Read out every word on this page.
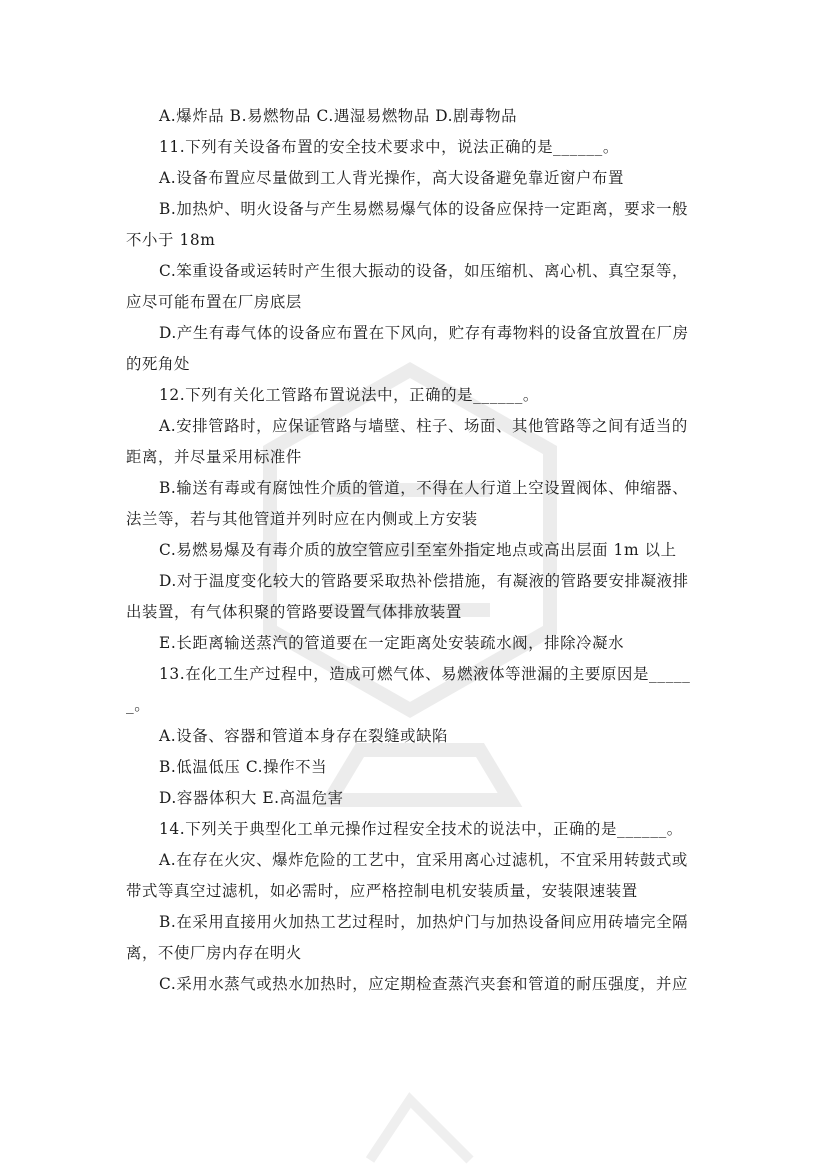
A.爆炸品 B.易燃物品 C.遇湿易燃物品 D.剧毒物品

11.下列有关设备布置的安全技术要求中，说法正确的是______。

A.设备布置应尽量做到工人背光操作，高大设备避免靠近窗户布置

B.加热炉、明火设备与产生易燃易爆气体的设备应保持一定距离，要求一般

不小于 18m

C.笨重设备或运转时产生很大振动的设备，如压缩机、离心机、真空泵等，

应尽可能布置在厂房底层

D.产生有毒气体的设备应布置在下风向，贮存有毒物料的设备宜放置在厂房

的死角处

12.下列有关化工管路布置说法中，正确的是______。

A.安排管路时，应保证管路与墙壁、柱子、场面、其他管路等之间有适当的

距离，并尽量采用标准件

B.输送有毒或有腐蚀性介质的管道，不得在人行道上空设置阀体、伸缩器、

法兰等，若与其他管道并列时应在内侧或上方安装

C.易燃易爆及有毒介质的放空管应引至室外指定地点或高出层面 1m 以上

D.对于温度变化较大的管路要采取热补偿措施，有凝液的管路要安排凝液排

出装置，有气体积聚的管路要设置气体排放装置

E.长距离输送蒸汽的管道要在一定距离处安装疏水阀，排除冷凝水

13.在化工生产过程中，造成可燃气体、易燃液体等泄漏的主要原因是_____

_。

A.设备、容器和管道本身存在裂缝或缺陷

B.低温低压 C.操作不当

D.容器体积大 E.高温危害

14.下列关于典型化工单元操作过程安全技术的说法中，正确的是______。

A.在存在火灾、爆炸危险的工艺中，宜采用离心过滤机，不宜采用转鼓式或

带式等真空过滤机，如必需时，应严格控制电机安装质量，安装限速装置

B.在采用直接用火加热工艺过程时，加热炉门与加热设备间应用砖墙完全隔

离，不使厂房内存在明火

C.采用水蒸气或热水加热时，应定期检查蒸汽夹套和管道的耐压强度，并应
